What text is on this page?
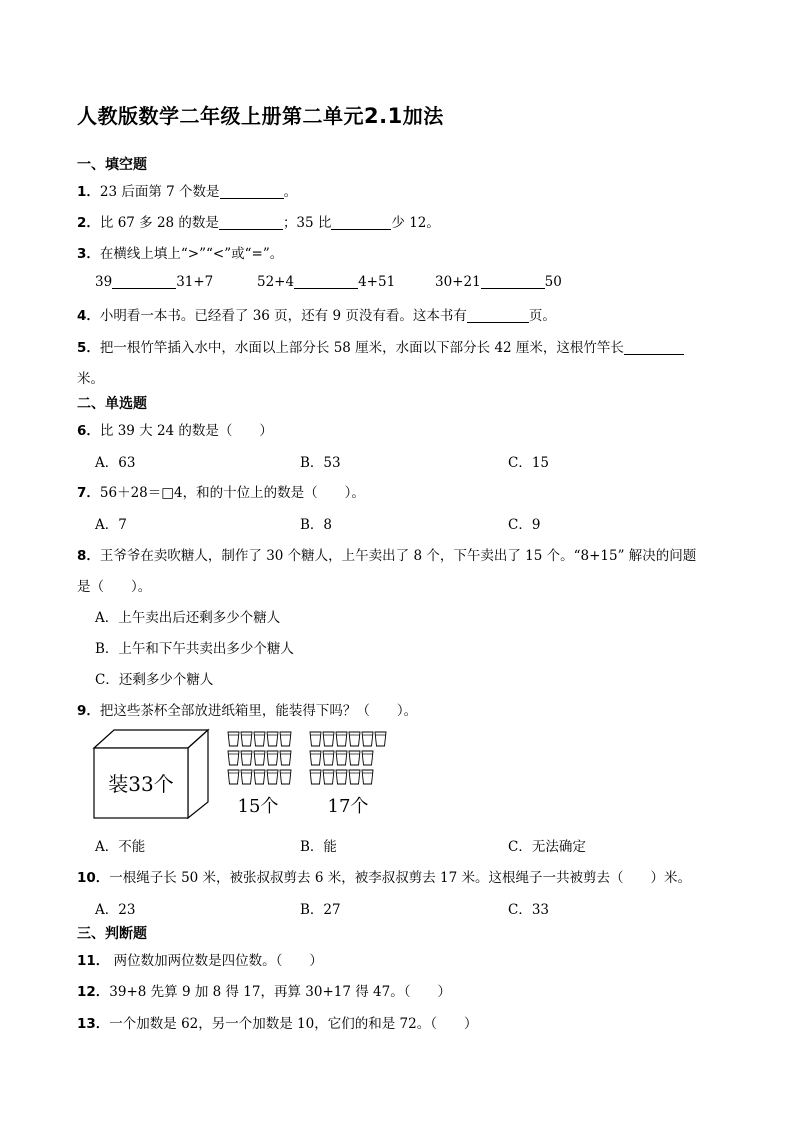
人教版数学二年级上册第二单元2.1加法
一、填空题
1．23 后面第 7 个数是	。
2．比 67 多 28 的数是	；35 比	少 12。
3．在横线上填上“>”“<”或“=”。
39	31+7	52+4	4+51	30+21	50
4．小明看一本书。已经看了 36 页，还有 9 页没有看。这本书有	页。
5．把一根竹竿插入水中，水面以上部分长 58 厘米，水面以下部分长 42 厘米，这根竹竿长
米。
二、单选题
6．比 39 大 24 的数是（　　）
A．63	B．53	C．15
7．56＋28＝□4，和的十位上的数是（　　）。
A．7	B．8	C．9
8．王爷爷在卖吹糖人，制作了 30 个糖人，上午卖出了 8 个，下午卖出了 15 个。“8+15” 解决的问题
是（　　）。
A．上午卖出后还剩多少个糖人
B．上午和下午共卖出多少个糖人
C．还剩多少个糖人
9．把这些茶杯全部放进纸箱里，能装得下吗？（　　）。
装33个
15个	17个
A．不能	B．能	C．无法确定
10．一根绳子长 50 米，被张叔叔剪去 6 米，被李叔叔剪去 17 米。这根绳子一共被剪去（　　）米。
A．23	B．27	C．33
三、判断题
11． 两位数加两位数是四位数。（　　）
12．39+8 先算 9 加 8 得 17，再算 30+17 得 47。（　　）
13．一个加数是 62，另一个加数是 10，它们的和是 72。（　　）
